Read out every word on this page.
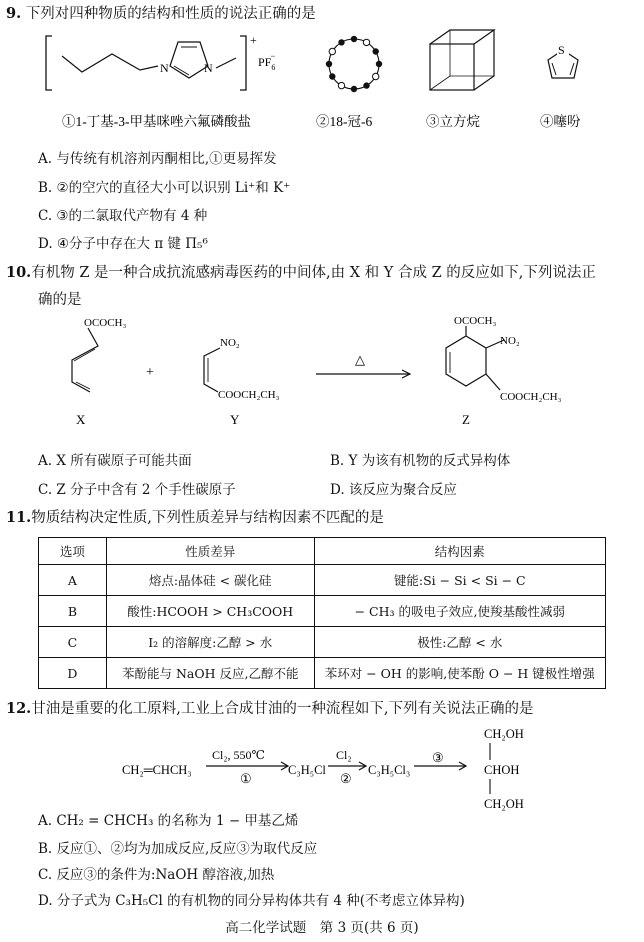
9. 下列对四种物质的结构和性质的说法正确的是
+
$PF_6-$
N	N
S
①1-丁基-3-甲基咪唑六氟磷酸盐	②18-冠-6	③立方烷	④噻吩
A. 与传统有机溶剂丙酮相比,①更易挥发
B. ②的空穴的直径大小可以识别 Li⁺和 K⁺
C. ③的二氯取代产物有 4 种
D. ④分子中存在大 π 键 Π₅⁶
10.有机物 Z 是一种合成抗流感病毒医药的中间体,由 X 和 Y 合成 Z 的反应如下,下列说法正
确的是
OCOCH₃
+
NO₂
COOCH₂CH₃
△
OCOCH₃
NO₂
COOCH₂CH₃
X	Y	Z
A. X 所有碳原子可能共面	B. Y 为该有机物的反式异构体
C. Z 分子中含有 2 个手性碳原子	D. 该反应为聚合反应
11.物质结构决定性质,下列性质差异与结构因素不匹配的是
选项	性质差异	结构因素
A	熔点:晶体硅 < 碳化硅	键能:Si − Si < Si − C
B	酸性:HCOOH > CH₃COOH	− CH₃ 的吸电子效应,使羧基酸性减弱
C	I₂ 的溶解度:乙醇 > 水	极性:乙醇 < 水
D	苯酚能与 NaOH 反应,乙醇不能	苯环对 − OH 的影响,使苯酚 O − H 键极性增强
12.甘油是重要的化工原料,工业上合成甘油的一种流程如下,下列有关说法正确的是
CH₂═CHCH₃
Cl₂, 550℃
①
C₃H₅Cl
Cl₂
②
C₃H₅Cl₃
③
CH₂OH
CHOH
CH₂OH
A. CH₂ = CHCH₃ 的名称为 1 − 甲基乙烯
B. 反应①、②均为加成反应,反应③为取代反应
C. 反应③的条件为:NaOH 醇溶液,加热
D. 分子式为 C₃H₅Cl 的有机物的同分异构体共有 4 种(不考虑立体异构)
高二化学试题　第 3 页(共 6 页)
